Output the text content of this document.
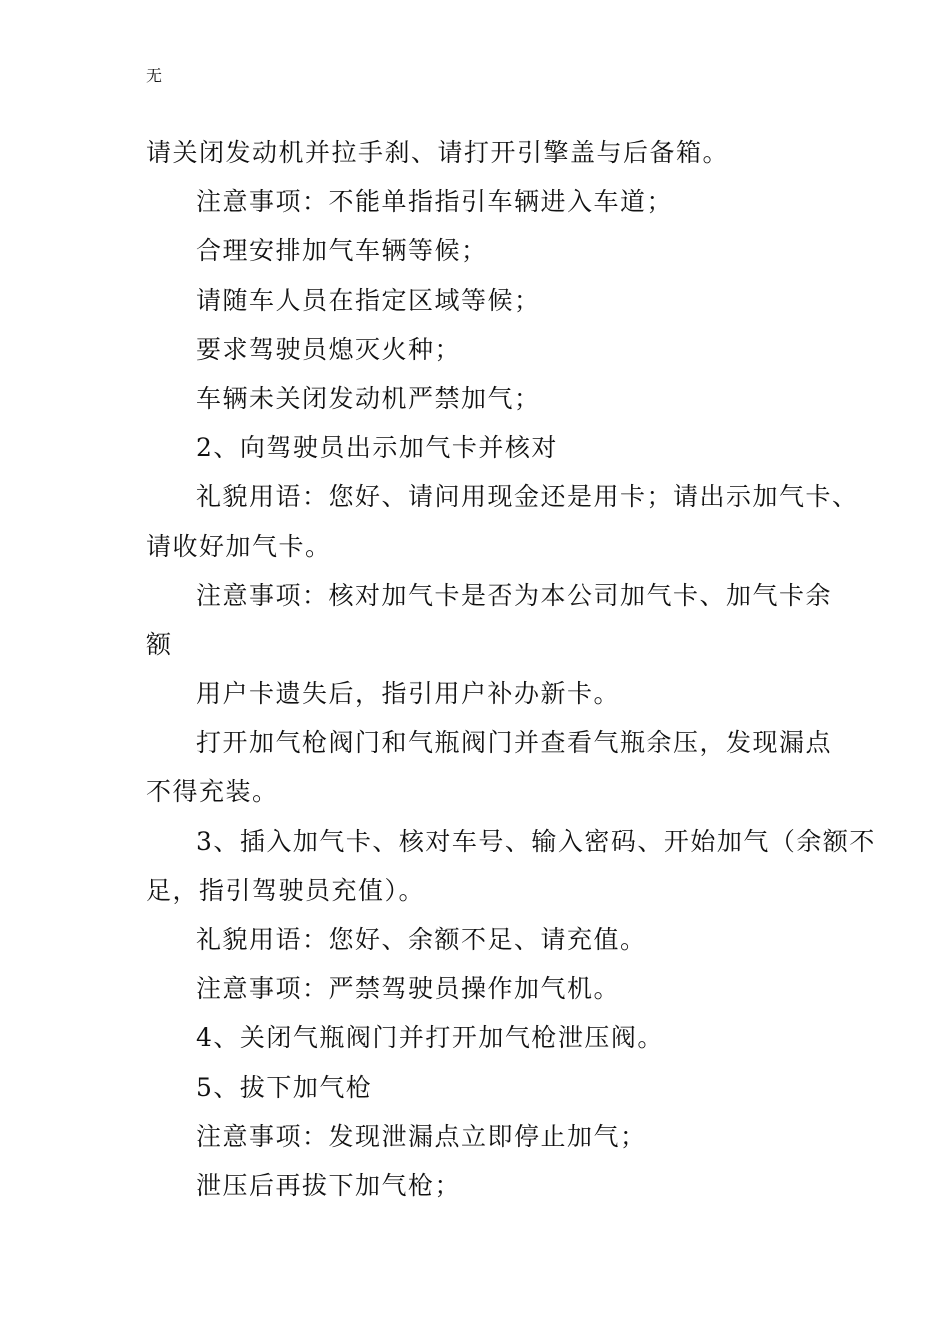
无
请关闭发动机并拉手刹、请打开引擎盖与后备箱。
注意事项：不能单指指引车辆进入车道；
合理安排加气车辆等候；
请随车人员在指定区域等候；
要求驾驶员熄灭火种；
车辆未关闭发动机严禁加气；
2、向驾驶员出示加气卡并核对
礼貌用语：您好、请问用现金还是用卡；请出示加气卡、
请收好加气卡。
注意事项：核对加气卡是否为本公司加气卡、加气卡余
额
用户卡遗失后，指引用户补办新卡。
打开加气枪阀门和气瓶阀门并查看气瓶余压，发现漏点
不得充装。
3、插入加气卡、核对车号、输入密码、开始加气（余额不
足，指引驾驶员充值）。
礼貌用语：您好、余额不足、请充值。
注意事项：严禁驾驶员操作加气机。
4、关闭气瓶阀门并打开加气枪泄压阀。
5、拔下加气枪
注意事项：发现泄漏点立即停止加气；
泄压后再拔下加气枪；
